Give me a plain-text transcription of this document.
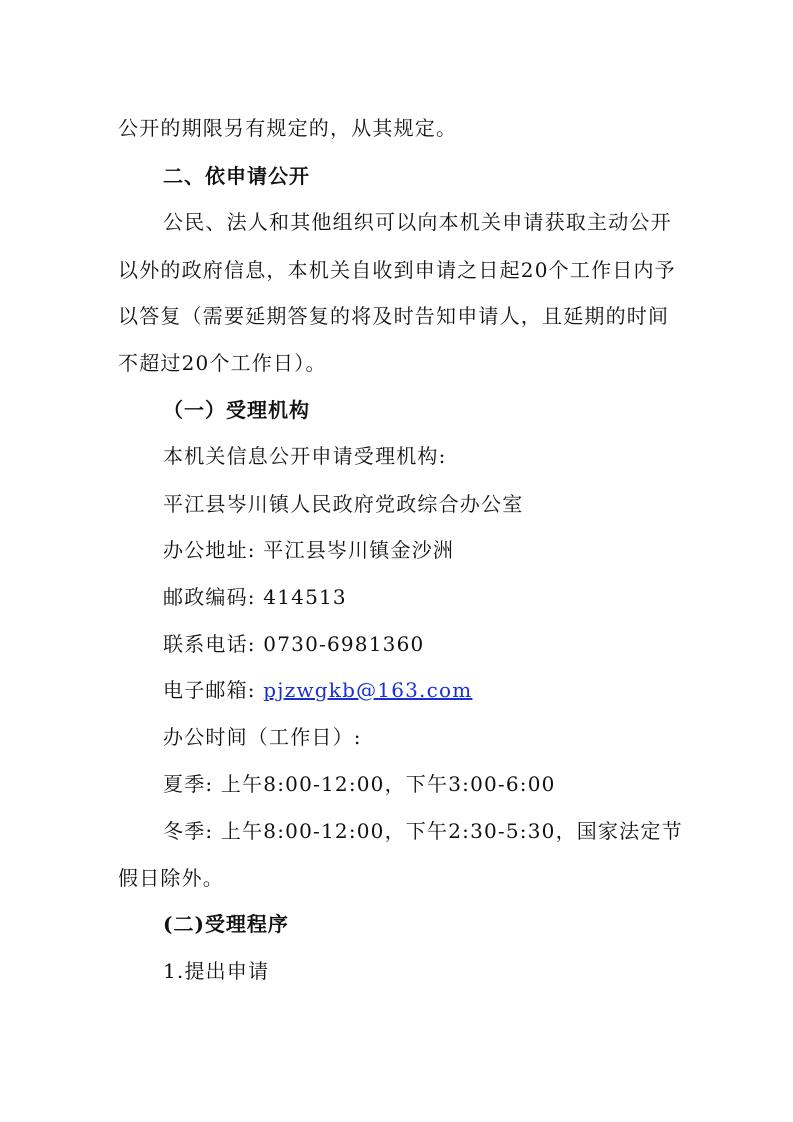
公开的期限另有规定的，从其规定。
二、依申请公开
公民、法人和其他组织可以向本机关申请获取主动公开
以外的政府信息，本机关自收到申请之日起20个工作日内予
以答复（需要延期答复的将及时告知申请人，且延期的时间
不超过20个工作日）。
（一）受理机构
本机关信息公开申请受理机构:
平江县岑川镇人民政府党政综合办公室
办公地址: 平江县岑川镇金沙洲
邮政编码: 414513
联系电话: 0730-6981360
电子邮箱: pjzwgkb@163.com
办公时间（工作日）:
夏季: 上午8:00-12:00，下午3:00-6:00
冬季: 上午8:00-12:00，下午2:30-5:30，国家法定节
假日除外。
(二)受理程序
1.提出申请
